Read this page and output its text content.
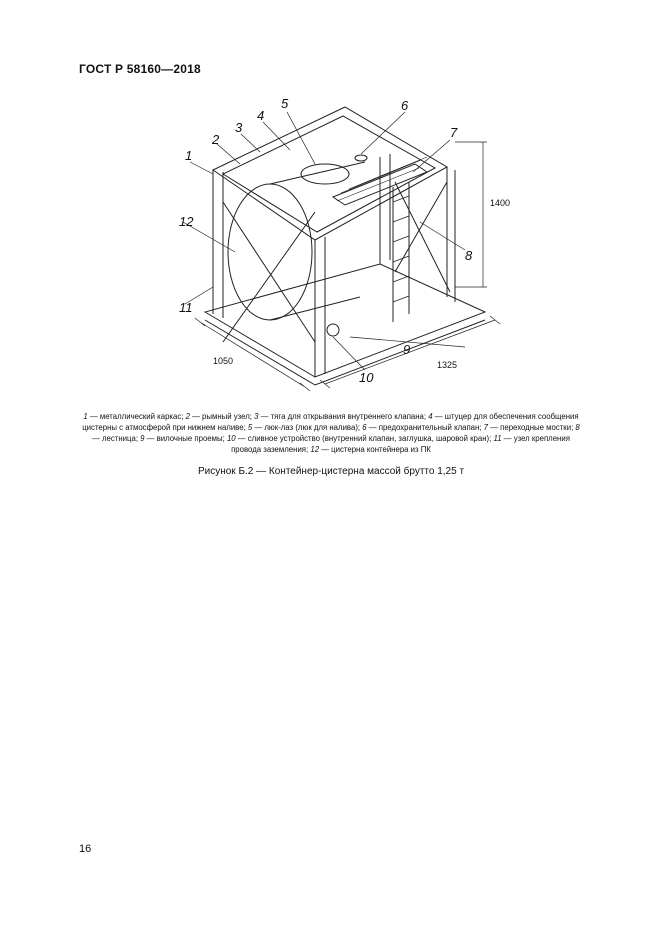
ГОСТ Р 58160—2018
1
2
3
4
5	6
7
8
9
10
11
12
1400
1050	1325
1 — металлический каркас; 2 — рымный узел; 3 — тяга для открывания внутреннего клапана; 4 — штуцер для обеспечения сообщения цистерны с атмосферой при нижнем наливе; 5 — люк-лаз (люк для налива); 6 — предохранительный клапан; 7 — переходные мостки; 8 — лестница; 9 — вилочные проемы; 10 — сливное устройство (внутренний клапан, заглушка, шаровой кран); 11 — узел крепления провода заземления; 12 — цистерна контейнера из ПК
Рисунок Б.2 — Контейнер-цистерна массой брутто 1,25 т
16
